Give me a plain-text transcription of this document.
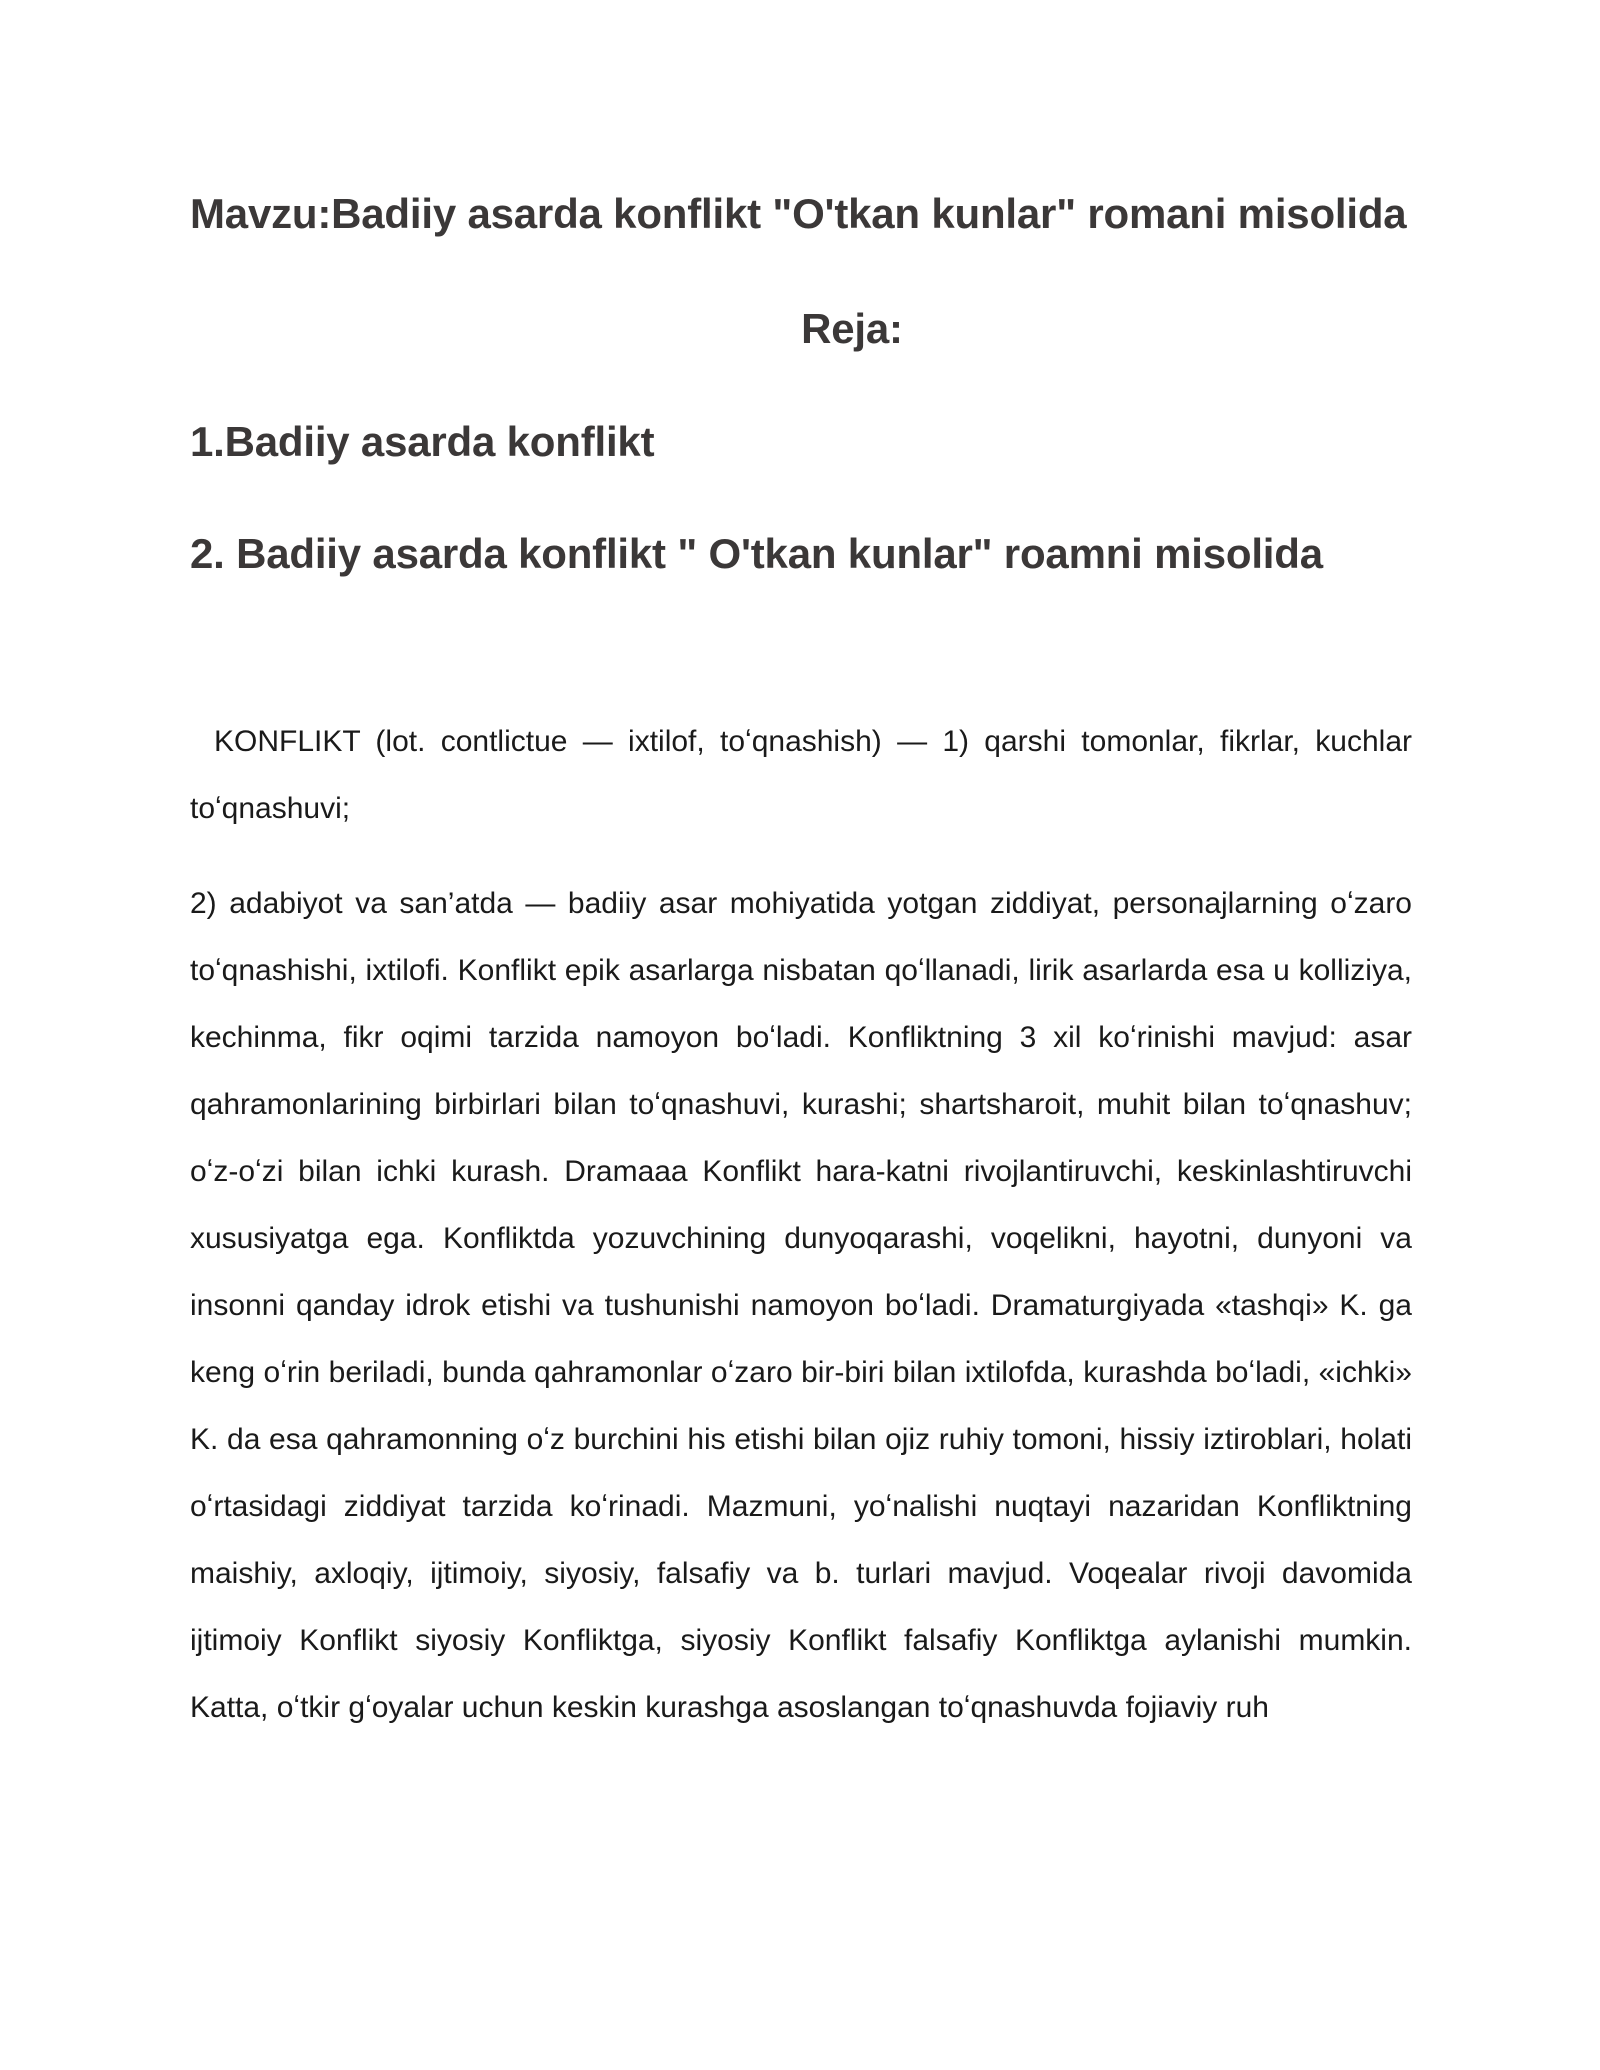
Mavzu:Badiiy asarda konflikt "O'tkan kunlar" romani misolida
Reja:
1.Badiiy asarda konflikt
2. Badiiy asarda konflikt " O'tkan kunlar" roamni misolida

KONFLIKT (lot. contlictue — ixtilof, toʻqnashish) — 1) qarshi tomonlar, fikrlar, kuchlar toʻqnashuvi;

2) adabiyot va san’atda — badiiy asar mohiyatida yotgan ziddiyat, personajlarning oʻzaro toʻqnashishi, ixtilofi. Konflikt epik asarlarga nisbatan qoʻllanadi, lirik asarlarda esa u kolliziya, kechinma, fikr oqimi tarzida namoyon boʻladi. Konfliktning 3 xil koʻrinishi mavjud: asar qahramonlarining birbirlari bilan toʻqnashuvi, kurashi; shartsharoit, muhit bilan toʻqnashuv; oʻz-oʻzi bilan ichki kurash. Dramaaa Konflikt hara-katni rivojlantiruvchi, keskinlashtiruvchi xususiyatga ega. Konfliktda yozuvchining dunyoqarashi, voqelikni, hayotni, dunyoni va insonni qanday idrok etishi va tushunishi namoyon boʻladi. Dramaturgiyada «tashqi» K. ga keng oʻrin beriladi, bunda qahramonlar oʻzaro bir-biri bilan ixtilofda, kurashda boʻladi, «ichki» K. da esa qahramonning oʻz burchini his etishi bilan ojiz ruhiy tomoni, hissiy iztiroblari, holati oʻrtasidagi ziddiyat tarzida koʻrinadi. Mazmuni, yoʻnalishi nuqtayi nazaridan Konfliktning maishiy, axloqiy, ijtimoiy, siyosiy, falsafiy va b. turlari mavjud. Voqealar rivoji davomida ijtimoiy Konflikt siyosiy Konfliktga, siyosiy Konflikt falsafiy Konfliktga aylanishi mumkin. Katta, oʻtkir gʻoyalar uchun keskin kurashga asoslangan toʻqnashuvda fojiaviy ruh
